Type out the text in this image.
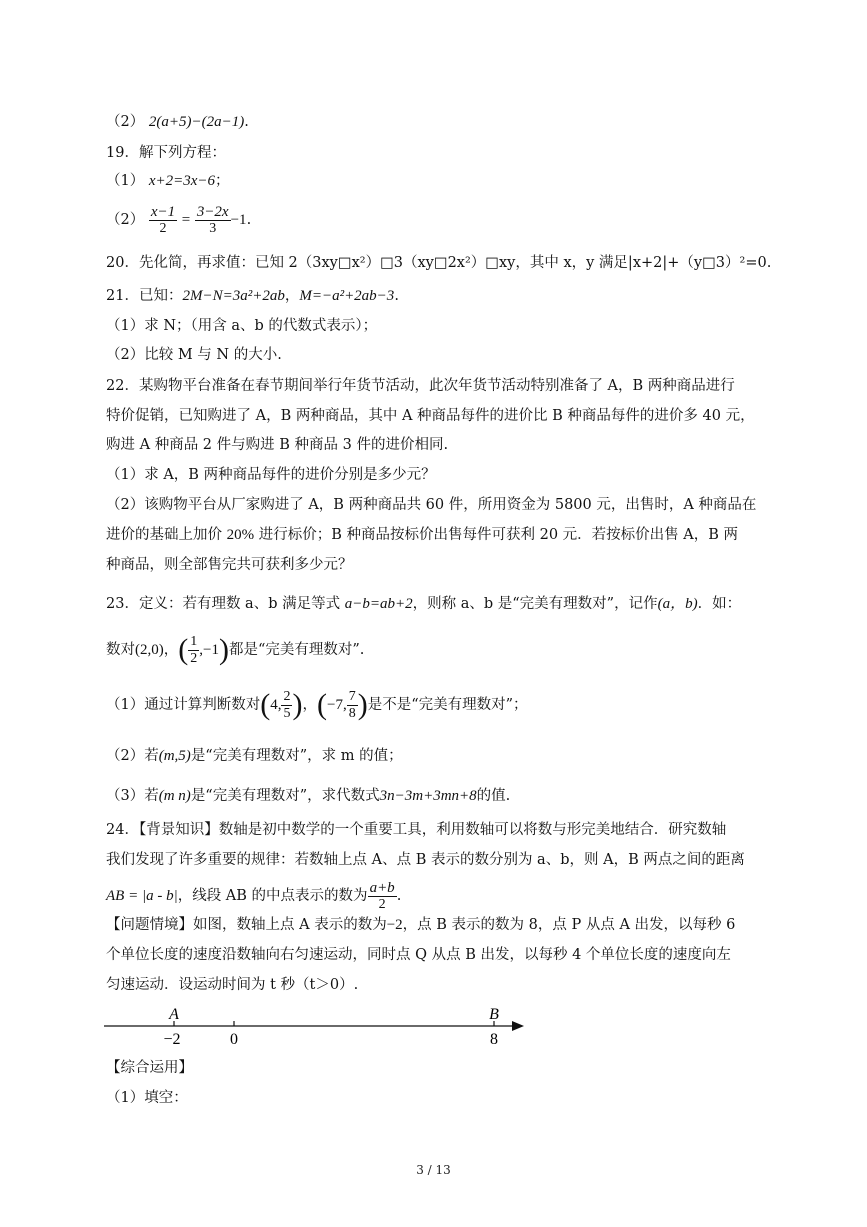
（2） 2(a+5)−(2a−1).
19．解下列方程：
（1） x+2=3x−6；
$(2) \frac{x-1}{2} = \frac{3-2x}{3} -1$.
20．先化简，再求值：已知 2（3xy□x²）□3（xy□2x²）□xy，其中 x，y 满足|x+2|+（y□3）²=0.
21．已知：2M−N=3a²+2ab，M=−a²+2ab−3.
（1）求 N；（用含 a、b 的代数式表示）；
（2）比较 M 与 N 的大小.
22．某购物平台准备在春节期间举行年货节活动，此次年货节活动特别准备了 A，B 两种商品进行
特价促销，已知购进了 A，B 两种商品，其中 A 种商品每件的进价比 B 种商品每件的进价多 40 元，
购进 A 种商品 2 件与购进 B 种商品 3 件的进价相同.
（1）求 A，B 两种商品每件的进价分别是多少元？
（2）该购物平台从厂家购进了 A，B 两种商品共 60 件，所用资金为 5800 元，出售时，A 种商品在
进价的基础上加价 20% 进行标价；B 种商品按标价出售每件可获利 20 元．若按标价出售 A，B 两
种商品，则全部售完共可获利多少元？
23．定义：若有理数 a、b 满足等式 a−b=ab+2，则称 a、b 是“完美有理数对”，记作(a，b)．如：
数对(2,0)，( $\frac{1}{2} ,-1$)都是“完美有理数对”.
（1）通过计算判断数对(4, $\frac{2}{5}$ )，(−7, $\frac{7}{8}$ )是不是“完美有理数对”；
（2）若(m,5)是“完美有理数对”，求 m 的值；
（3）若(m n)是“完美有理数对”，求代数式3n−3m+3mn+8的值.
24．【背景知识】数轴是初中数学的一个重要工具，利用数轴可以将数与形完美地结合．研究数轴
我们发现了许多重要的规律：若数轴上点 A、点 B 表示的数分别为 a、b，则 A，B 两点之间的距离
AB = |a - b|，线段 AB 的中点表示的数为 $\frac{a+b}{2}$ .
【问题情境】如图，数轴上点 A 表示的数为−2，点 B 表示的数为 8，点 P 从点 A 出发，以每秒 6
个单位长度的速度沿数轴向右匀速运动，同时点 Q 从点 B 出发，以每秒 4 个单位长度的速度向左
匀速运动．设运动时间为 t 秒（t＞0）.
A	B
−2	0	8
【综合运用】
（1）填空：
3 / 13
